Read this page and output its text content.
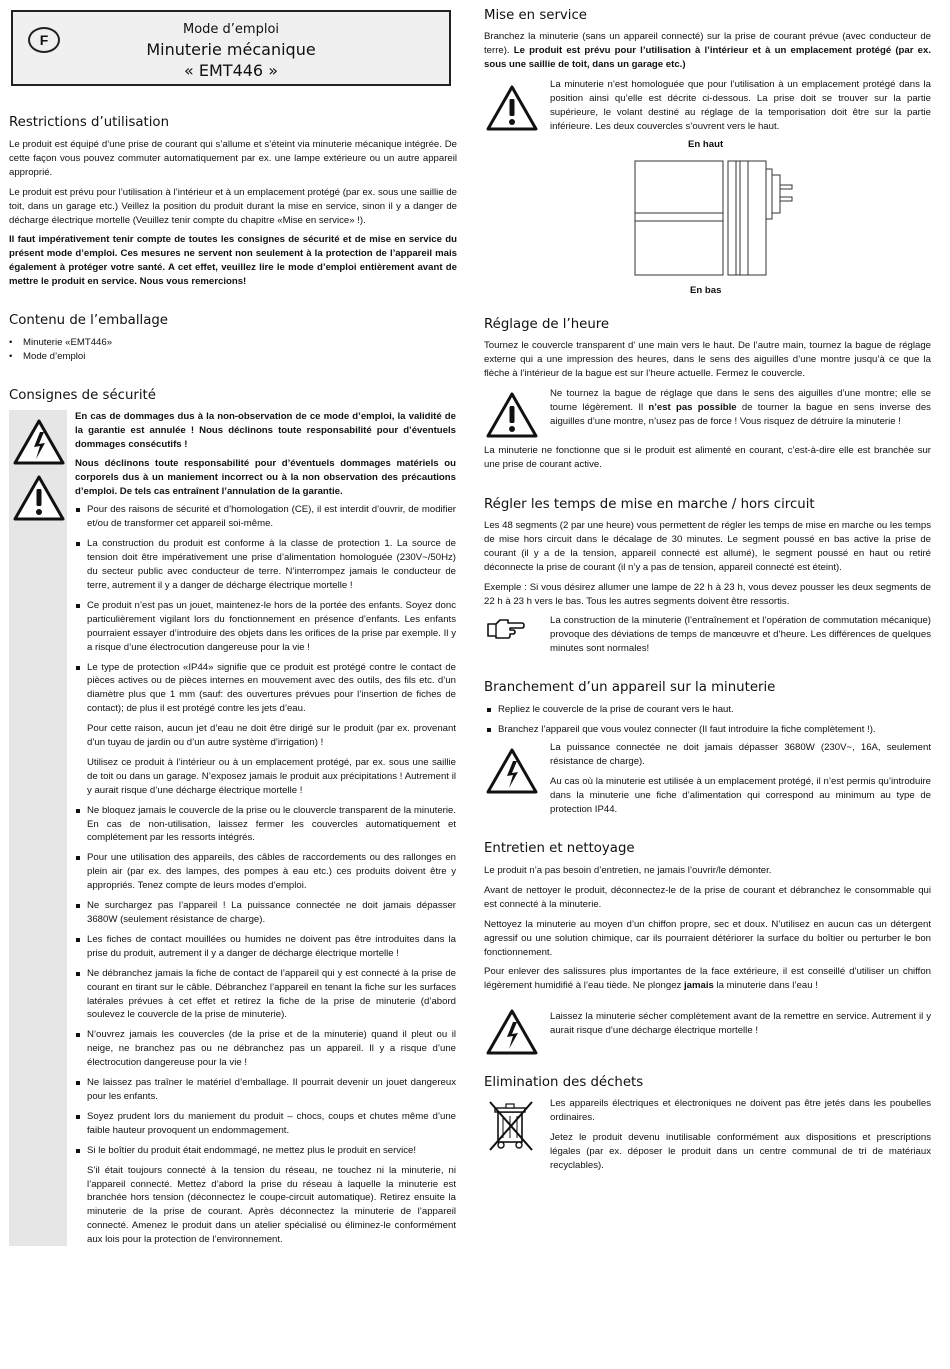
F
Mode d’emploi
Minuterie mécanique
« EMT446 »
Restrictions d’utilisation

Le produit est équipé d’une prise de courant qui s’allume et s’éteint via minuterie mécanique intégrée. De cette façon vous pouvez commuter automatiquement par ex. une lampe extérieure ou un autre appareil approprié.

Le produit est prévu pour l’utilisation à l’intérieur et à un emplacement protégé (par ex. sous une saillie de toit, dans un garage etc.) Veillez la position du produit durant la mise en service, sinon il y a danger de décharge électrique mortelle (Veuillez tenir compte du chapitre «Mise en service» !).

Il faut impérativement tenir compte de toutes les consignes de sécurité et de mise en service du présent mode d’emploi. Ces mesures ne servent non seulement à la protection de l’appareil mais également à protéger votre santé. A cet effet, veuillez lire le mode d’emploi entièrement avant de mettre le produit en service. Nous vous remercions!

Contenu de l’emballage
• Minuterie «EMT446»
• Mode d’emploi
Consignes de sécurité

En cas de dommages dus à la non-observation de ce mode d’emploi, la validité de la garantie est annulée ! Nous déclinons toute responsabilité pour d’éventuels dommages consécutifs !

Nous déclinons toute responsabilité pour d’éventuels dommages matériels ou corporels dus à un maniement incorrect ou à la non observation des précautions d’emploi. De tels cas entraînent l’annulation de la garantie.

Pour des raisons de sécurité et d’homologation (CE), il est interdit d’ouvrir, de modifier et/ou de transformer cet appareil soi-même.
La construction du produit est conforme à la classe de protection 1. La source de tension doit être impérativement une prise d’alimentation homologuée (230V~/50Hz) du secteur public avec conducteur de terre. N’interrompez jamais le conducteur de terre, autrement il y a danger de décharge électrique mortelle !
Ce produit n’est pas un jouet, maintenez-le hors de la portée des enfants. Soyez donc particulièrement vigilant lors du fonctionnement en présence d’enfants. Les enfants pourraient essayer d’introduire des objets dans les orifices de la prise par exemple. Il y a risque d’une électrocution dangereuse pour la vie !
Le type de protection «IP44» signifie que ce produit est protégé contre le contact de pièces actives ou de pièces internes en mouvement avec des outils, des fils etc. d’un diamètre plus que 1 mm (sauf: des ouvertures prévues pour l’insertion de fiches de contact); de plus il est protégé contre les jets d’eau.

Pour cette raison, aucun jet d’eau ne doit être dirigé sur le produit (par ex. provenant d’un tuyau de jardin ou d’un autre système d’irrigation) !

Utilisez ce produit à l’intérieur ou à un emplacement protégé, par ex. sous une saillie de toit ou dans un garage. N’exposez jamais le produit aux précipitations ! Autrement il y aurait risque d’une décharge électrique mortelle !

Ne bloquez jamais le couvercle de la prise ou le clouvercle transparent de la minuterie. En cas de non-utilisation, laissez fermer les couvercles automatiquement et complétement par les ressorts intégrés.
Pour une utilisation des appareils, des câbles de raccordements ou des rallonges en plein air (par ex. des lampes, des pompes à eau etc.) ces produits doivent être y appropriés. Tenez compte de leurs modes d’emploi.
Ne surchargez pas l’appareil ! La puissance connectée ne doit jamais dépasser 3680W (seulement résistance de charge).
Les fiches de contact mouillées ou humides ne doivent pas être introduites dans la prise du produit, autrement il y a danger de décharge électrique mortelle !
Ne débranchez jamais la fiche de contact de l’appareil qui y est connecté à la prise de courant en tirant sur le câble. Débranchez l’appareil en tenant la fiche sur les surfaces latérales prévues à cet effet et retirez la fiche de la prise de minuterie (d’abord soulevez le couvercle de la prise de minuterie).
N’ouvrez jamais les couvercles (de la prise et de la minuterie) quand il pleut ou il neige, ne branchez pas ou ne débranchez pas un appareil. Il y a risque d’une électrocution dangereuse pour la vie !
Ne laissez pas traîner le matériel d’emballage. Il pourrait devenir un jouet dangereux pour les enfants.
Soyez prudent lors du maniement du produit – chocs, coups et chutes même d’une faible hauteur provoquent un endommagement.
Si le boîtier du produit était endommagé, ne mettez plus le produit en service!

S’il était toujours connecté à la tension du réseau, ne touchez ni la minuterie, ni l’appareil connecté. Mettez d’abord la prise du réseau à laquelle la minuterie est branchée hors tension (déconnectez le coupe-circuit automatique). Retirez ensuite la minuterie de la prise de courant. Après déconnectez la minuterie de l’appareil connecté. Amenez le produit dans un atelier spécialisé ou éliminez-le conformément aux lois pour la protection de l’environnement.

Mise en service

Branchez la minuterie (sans un appareil connecté) sur la prise de courant prévue (avec conducteur de terre). Le produit est prévu pour l’utilisation à l’intérieur et à un emplacement protégé (par ex. sous une saillie de toit, dans un garage etc.)

La minuterie n’est homologuée que pour l’utilisation à un emplacement protégé dans la position ainsi qu’elle est décrite ci-dessous. La prise doit se trouver sur la partie supérieure, le volant destiné au réglage de la temporisation doit être sur la partie inférieure. Les deux couvercles s’ouvrent vers le haut.

En haut
En bas
Réglage de l’heure

Tournez le couvercle transparent d’ une main vers le haut. De l’autre main, tournez la bague de réglage externe qui a une impression des heures, dans le sens des aiguilles d’une montre jusqu’à ce que la flèche à l’intérieur de la bague est sur l’heure actuelle. Fermez le couvercle.

Ne tournez la bague de réglage que dans le sens des aiguilles d’une montre; elle se tourne légèrement. Il n’est pas possible de tourner la bague en sens inverse des aiguilles d’une montre, n’usez pas de force ! Vous risquez de détruire la minuterie !

La minuterie ne fonctionne que si le produit est alimenté en courant, c’est-à-dire elle est branchée sur une prise de courant active.

Régler les temps de mise en marche / hors circuit

Les 48 segments (2 par une heure) vous permettent de régler les temps de mise en marche ou les temps de mise hors circuit dans le décalage de 30 minutes. Le segment poussé en bas active la prise de courant (il y a de la tension, appareil connecté est allumé), le segment poussé en haut ou retiré déconnecte la prise de courant (il n’y a pas de tension, appareil connecté est éteint).

Exemple : Si vous désirez allumer une lampe de 22 h à 23 h, vous devez pousser les deux segments de 22 h à 23 h vers le bas. Tous les autres segments doivent être ressortis.

La construction de la minuterie (l’entraînement et l’opération de commutation mécanique) provoque des déviations de temps de manœuvre et d’heure. Les différences de quelques minutes sont normales!

Branchement d’un appareil sur la minuterie
Repliez le couvercle de la prise de courant vers le haut.
Branchez l’appareil que vous voulez connecter (Il faut introduire la fiche complètement !).

La puissance connectée ne doit jamais dépasser 3680W (230V~, 16A, seulement résistance de charge).

Au cas où la minuterie est utilisée à un emplacement protégé, il n’est permis qu’introduire dans la minuterie une fiche d’alimentation qui correspond au minimum au type de protection IP44.

Entretien et nettoyage

Le produit n’a pas besoin d’entretien, ne jamais l’ouvrir/le démonter.

Avant de nettoyer le produit, déconnectez-le de la prise de courant et débranchez le consommable qui est connecté à la minuterie.

Nettoyez la minuterie au moyen d’un chiffon propre, sec et doux. N’utilisez en aucun cas un détergent agressif ou une solution chimique, car ils pourraient détériorer la surface du boîtier ou perturber le bon fonctionnement.

Pour enlever des salissures plus importantes de la face extérieure, il est conseillé d’utiliser un chiffon légèrement humidifié à l’eau tiède. Ne plongez jamais la minuterie dans l’eau !

Laissez la minuterie sécher complètement avant de la remettre en service. Autrement il y aurait risque d’une décharge électrique mortelle !

Elimination des déchets

Les appareils électriques et électroniques ne doivent pas être jetés dans les poubelles ordinaires.

Jetez le produit devenu inutilisable conformément aux dispositions et prescriptions légales (par ex. déposer le produit dans un centre communal de tri de matériaux recyclables).
